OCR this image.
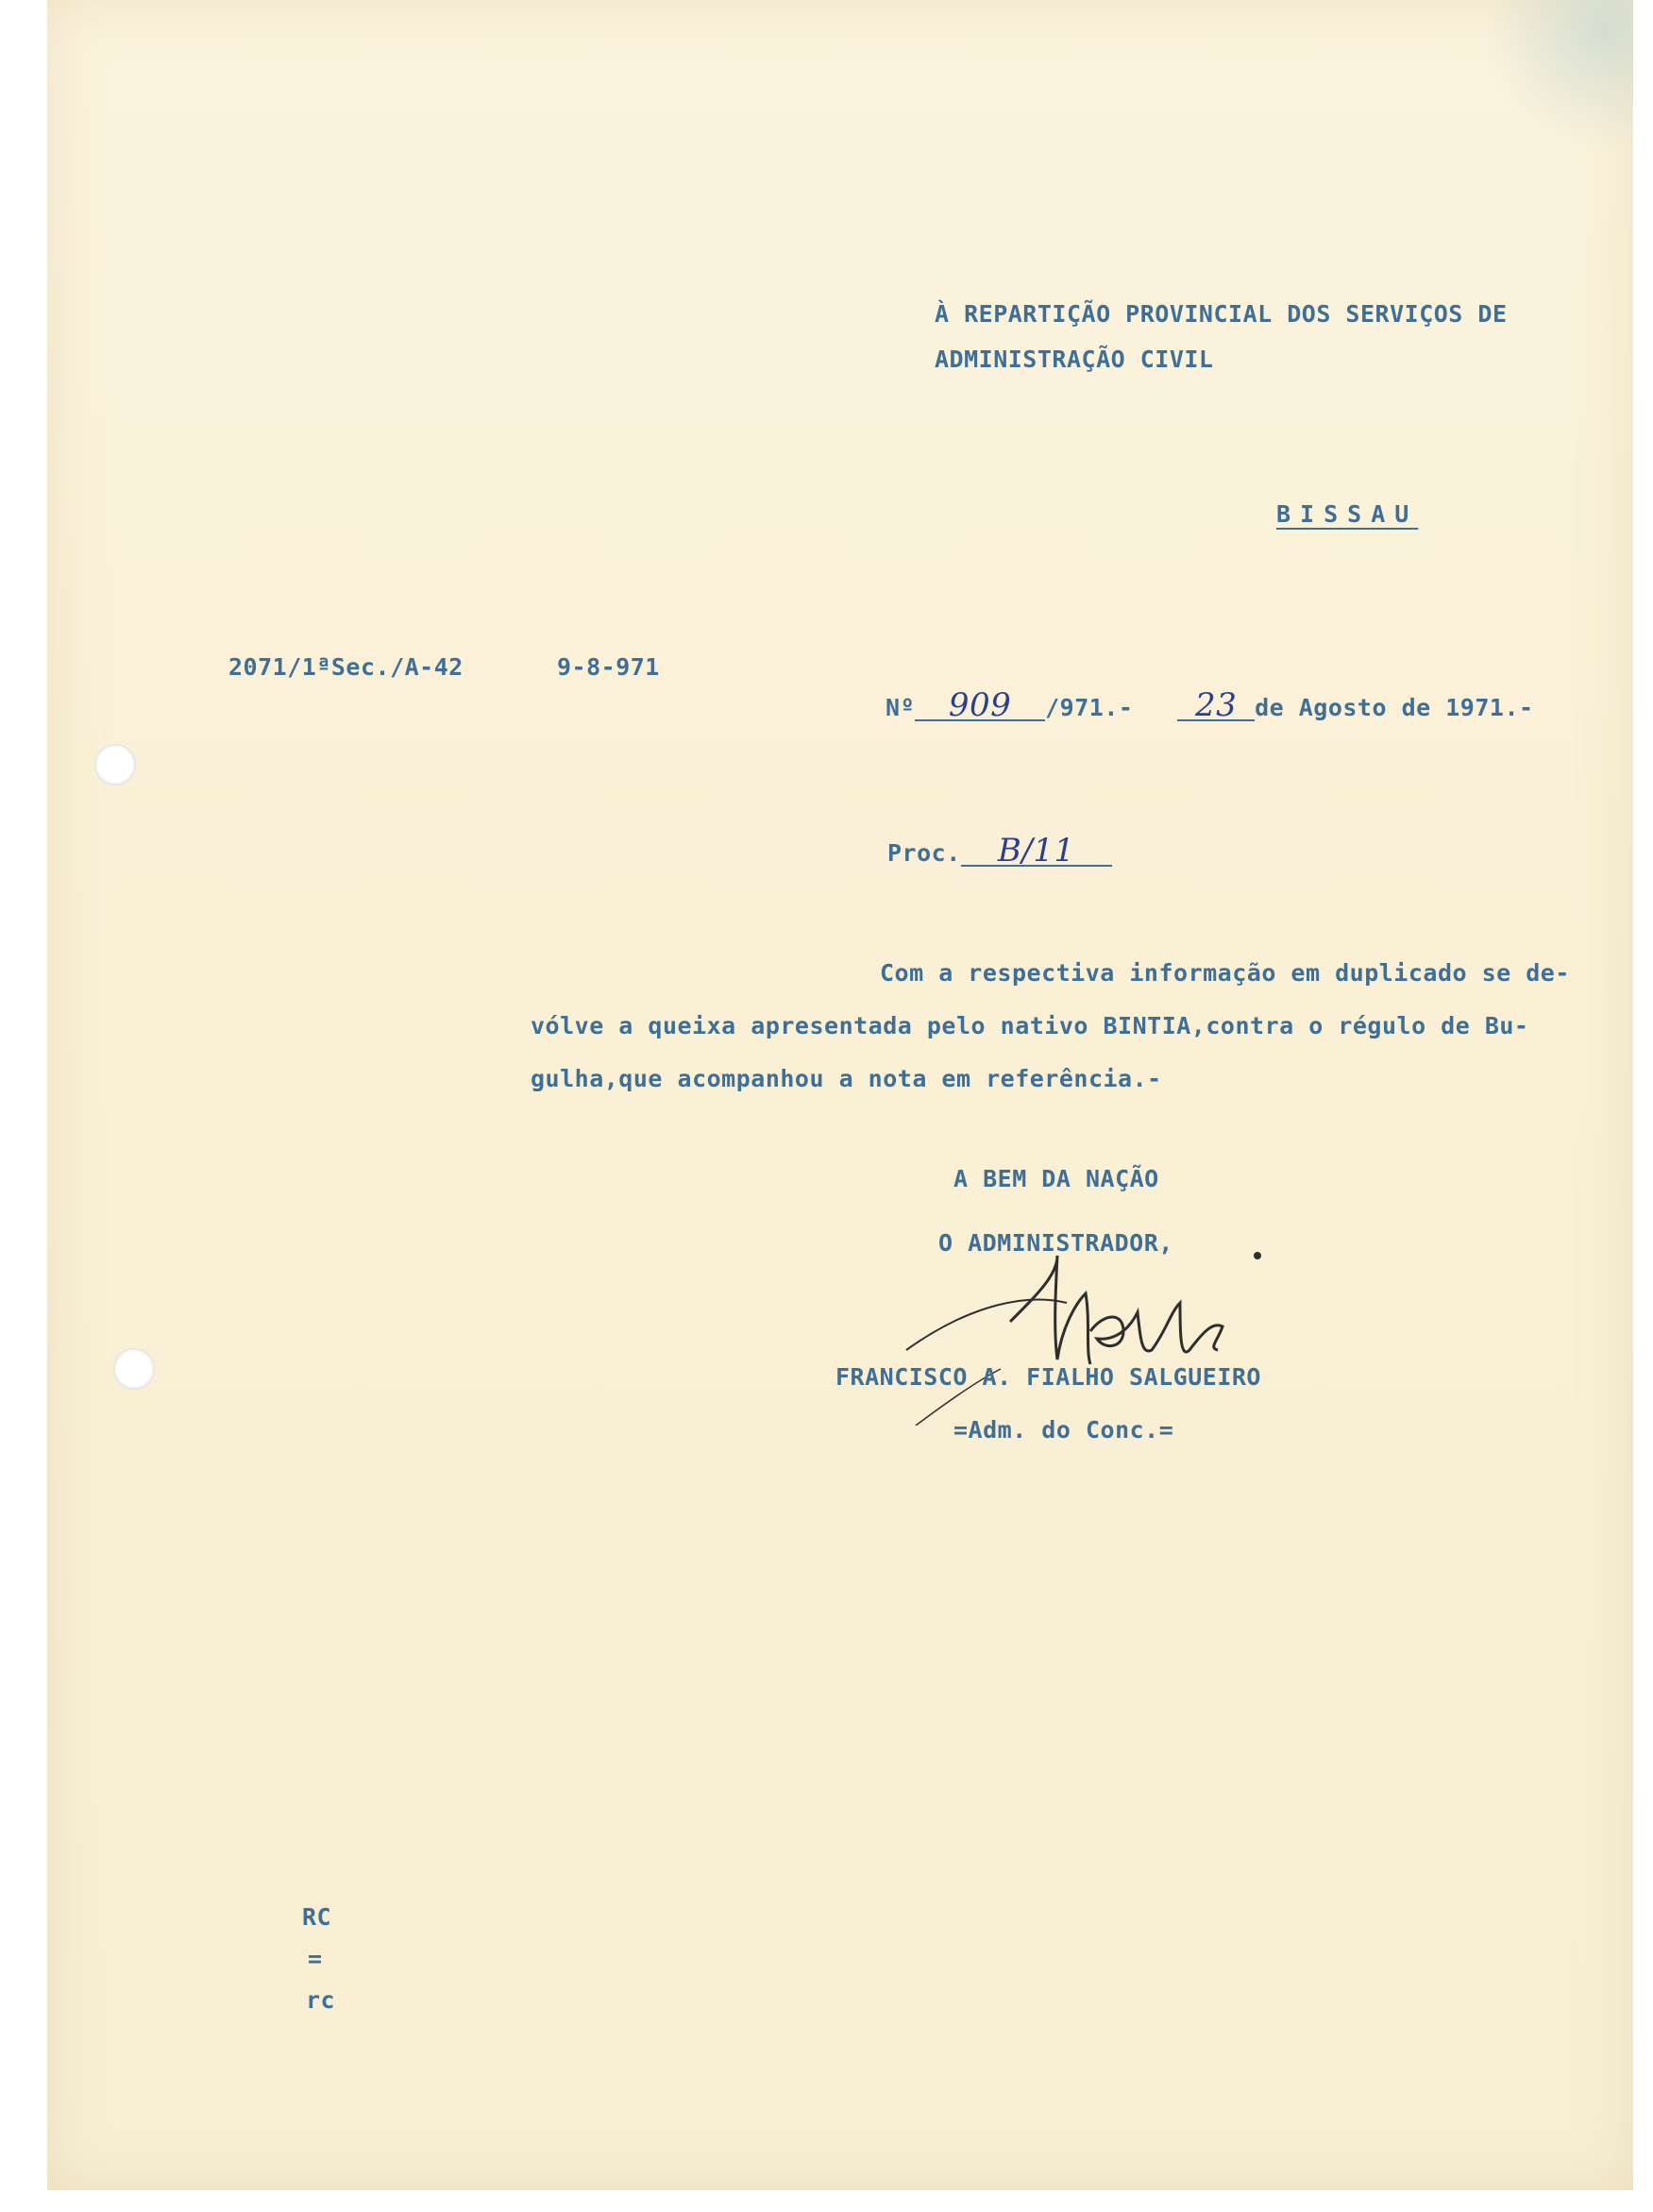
À REPARTIÇÃO PROVINCIAL DOS SERVIÇOS DE
ADMINISTRAÇÃO CIVIL
BISSAU
2071/1ªSec./A-42	9-8-971
Nº 909 /971.- 23 de Agosto de 1971.-
Proc. B/11
Com a respectiva informação em duplicado se de-
vólve a queixa apresentada pelo nativo BINTIA,contra o régulo de Bu-
gulha,que acompanhou a nota em referência.-
A BEM DA NAÇÃO
O ADMINISTRADOR,
FRANCISCO A. FIALHO SALGUEIRO
=Adm. do Conc.=
RC
=
rc
